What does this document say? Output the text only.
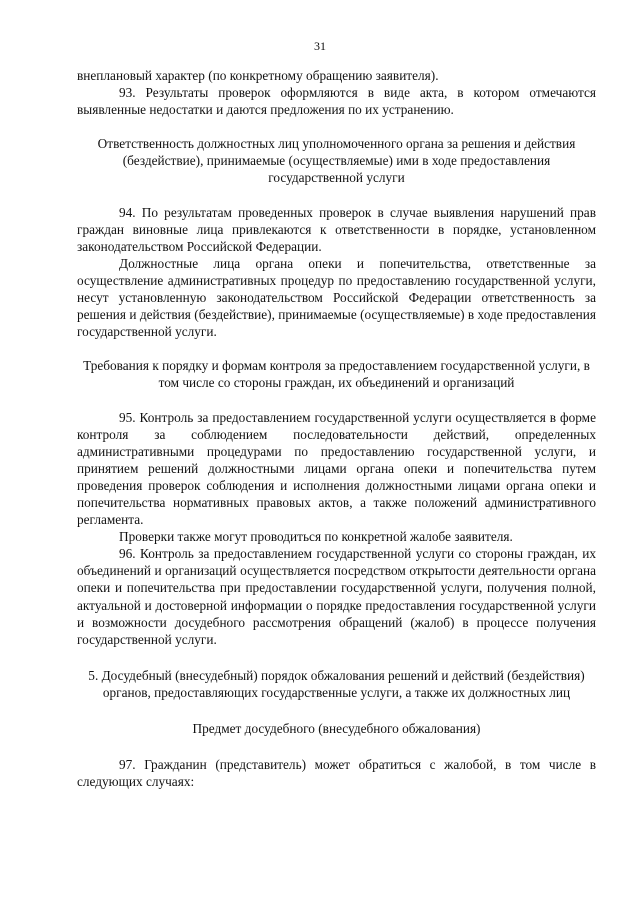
31

внеплановый характер (по конкретному обращению заявителя).

93. Результаты проверок оформляются в виде акта, в котором отмечаются выявленные недостатки и даются предложения по их устранению.

Ответственность должностных лиц уполномоченного органа за решения и действия (бездействие), принимаемые (осуществляемые) ими в ходе предоставления государственной услуги

94. По результатам проведенных проверок в случае выявления нарушений прав граждан виновные лица привлекаются к ответственности в порядке, установленном законодательством Российской Федерации.

Должностные лица органа опеки и попечительства, ответственные за осуществление административных процедур по предоставлению государственной услуги, несут установленную законодательством Российской Федерации ответственность за решения и действия (бездействие), принимаемые (осуществляемые) в ходе предоставления государственной услуги.

Требования к порядку и формам контроля за предоставлением государственной услуги, в том числе со стороны граждан, их объединений и организаций

95. Контроль за предоставлением государственной услуги осуществляется в форме контроля за соблюдением последовательности действий, определенных административными процедурами по предоставлению государственной услуги, и принятием решений должностными лицами органа опеки и попечительства путем проведения проверок соблюдения и исполнения должностными лицами органа опеки и попечительства нормативных правовых актов, а также положений административного регламента.

Проверки также могут проводиться по конкретной жалобе заявителя.

96. Контроль за предоставлением государственной услуги со стороны граждан, их объединений и организаций осуществляется посредством открытости деятельности органа опеки и попечительства при предоставлении государственной услуги, получения полной, актуальной и достоверной информации о порядке предоставления государственной услуги и возможности досудебного рассмотрения обращений (жалоб) в процессе получения государственной услуги.

5. Досудебный (внесудебный) порядок обжалования решений и действий (бездействия) органов, предоставляющих государственные услуги, а также их должностных лиц

Предмет досудебного (внесудебного обжалования)

97. Гражданин (представитель) может обратиться с жалобой, в том числе в следующих случаях:
